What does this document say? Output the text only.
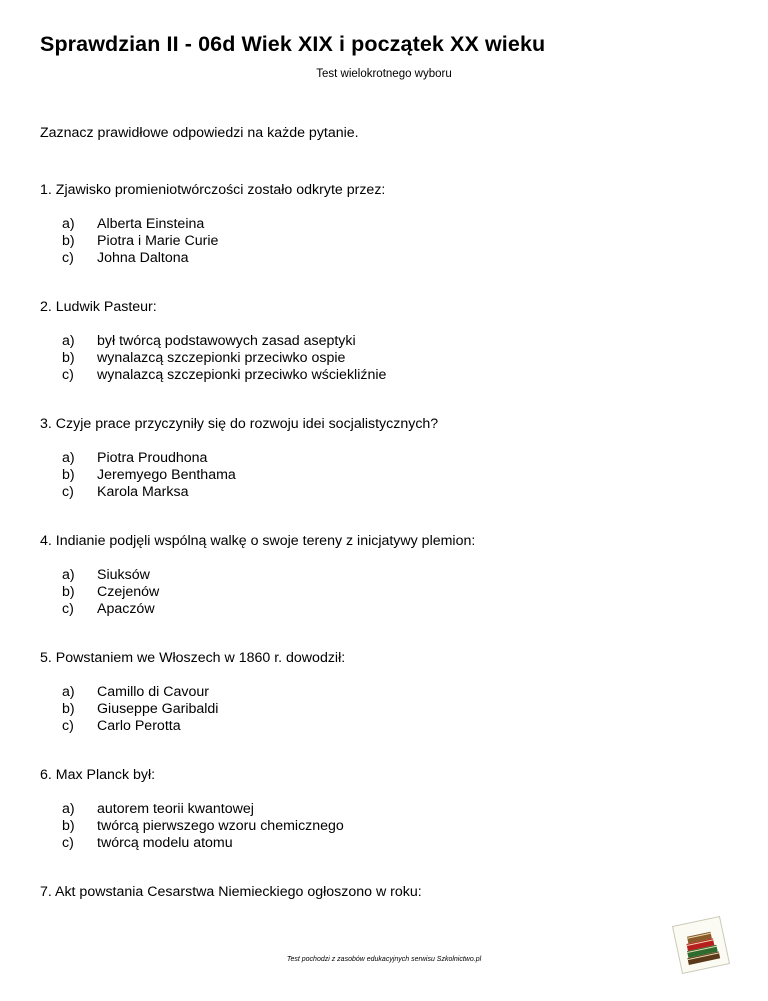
Sprawdzian II - 06d Wiek XIX i początek XX wieku
Test wielokrotnego wyboru
Zaznacz prawidłowe odpowiedzi na każde pytanie.
1. Zjawisko promieniotwórczości zostało odkryte przez:
a) Alberta Einsteina
b) Piotra i Marie Curie
c) Johna Daltona
2. Ludwik Pasteur:
a) był twórcą podstawowych zasad aseptyki
b) wynalazcą szczepionki przeciwko ospie
c) wynalazcą szczepionki przeciwko wściekliźnie
3. Czyje prace przyczyniły się do rozwoju idei socjalistycznych?
a) Piotra Proudhona
b) Jeremyego Benthama
c) Karola Marksa
4. Indianie podjęli wspólną walkę o swoje tereny z inicjatywy plemion:
a) Siuksów
b) Czejenów
c) Apaczów
5. Powstaniem we Włoszech w 1860 r. dowodził:
a) Camillo di Cavour
b) Giuseppe Garibaldi
c) Carlo Perotta
6. Max Planck był:
a) autorem teorii kwantowej
b) twórcą pierwszego wzoru chemicznego
c) twórcą modelu atomu
7. Akt powstania Cesarstwa Niemieckiego ogłoszono w roku:
Test pochodzi z zasobów edukacyjnych serwisu Szkolnictwo.pl
